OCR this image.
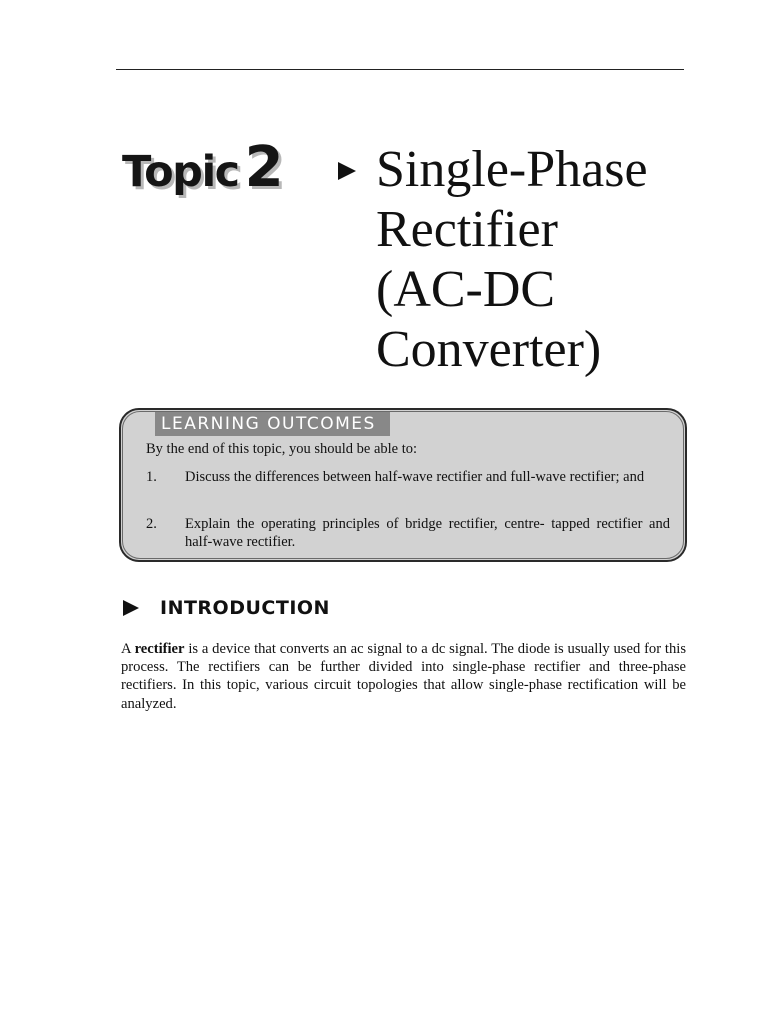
Topic 2 Single-Phase
Rectifier
(AC-DC
Converter)
LEARNING OUTCOMES
By the end of this topic, you should be able to:
1. Discuss the differences between half-wave rectifier and full-wave rectifier; and
2. Explain the operating principles of bridge rectifier, centre- tapped rectifier and half-wave rectifier.
INTRODUCTION

A rectifier is a device that converts an ac signal to a dc signal. The diode is usually used for this process. The rectifiers can be further divided into single-phase rectifier and three-phase rectifiers. In this topic, various circuit topologies that allow single-phase rectification will be analyzed.
